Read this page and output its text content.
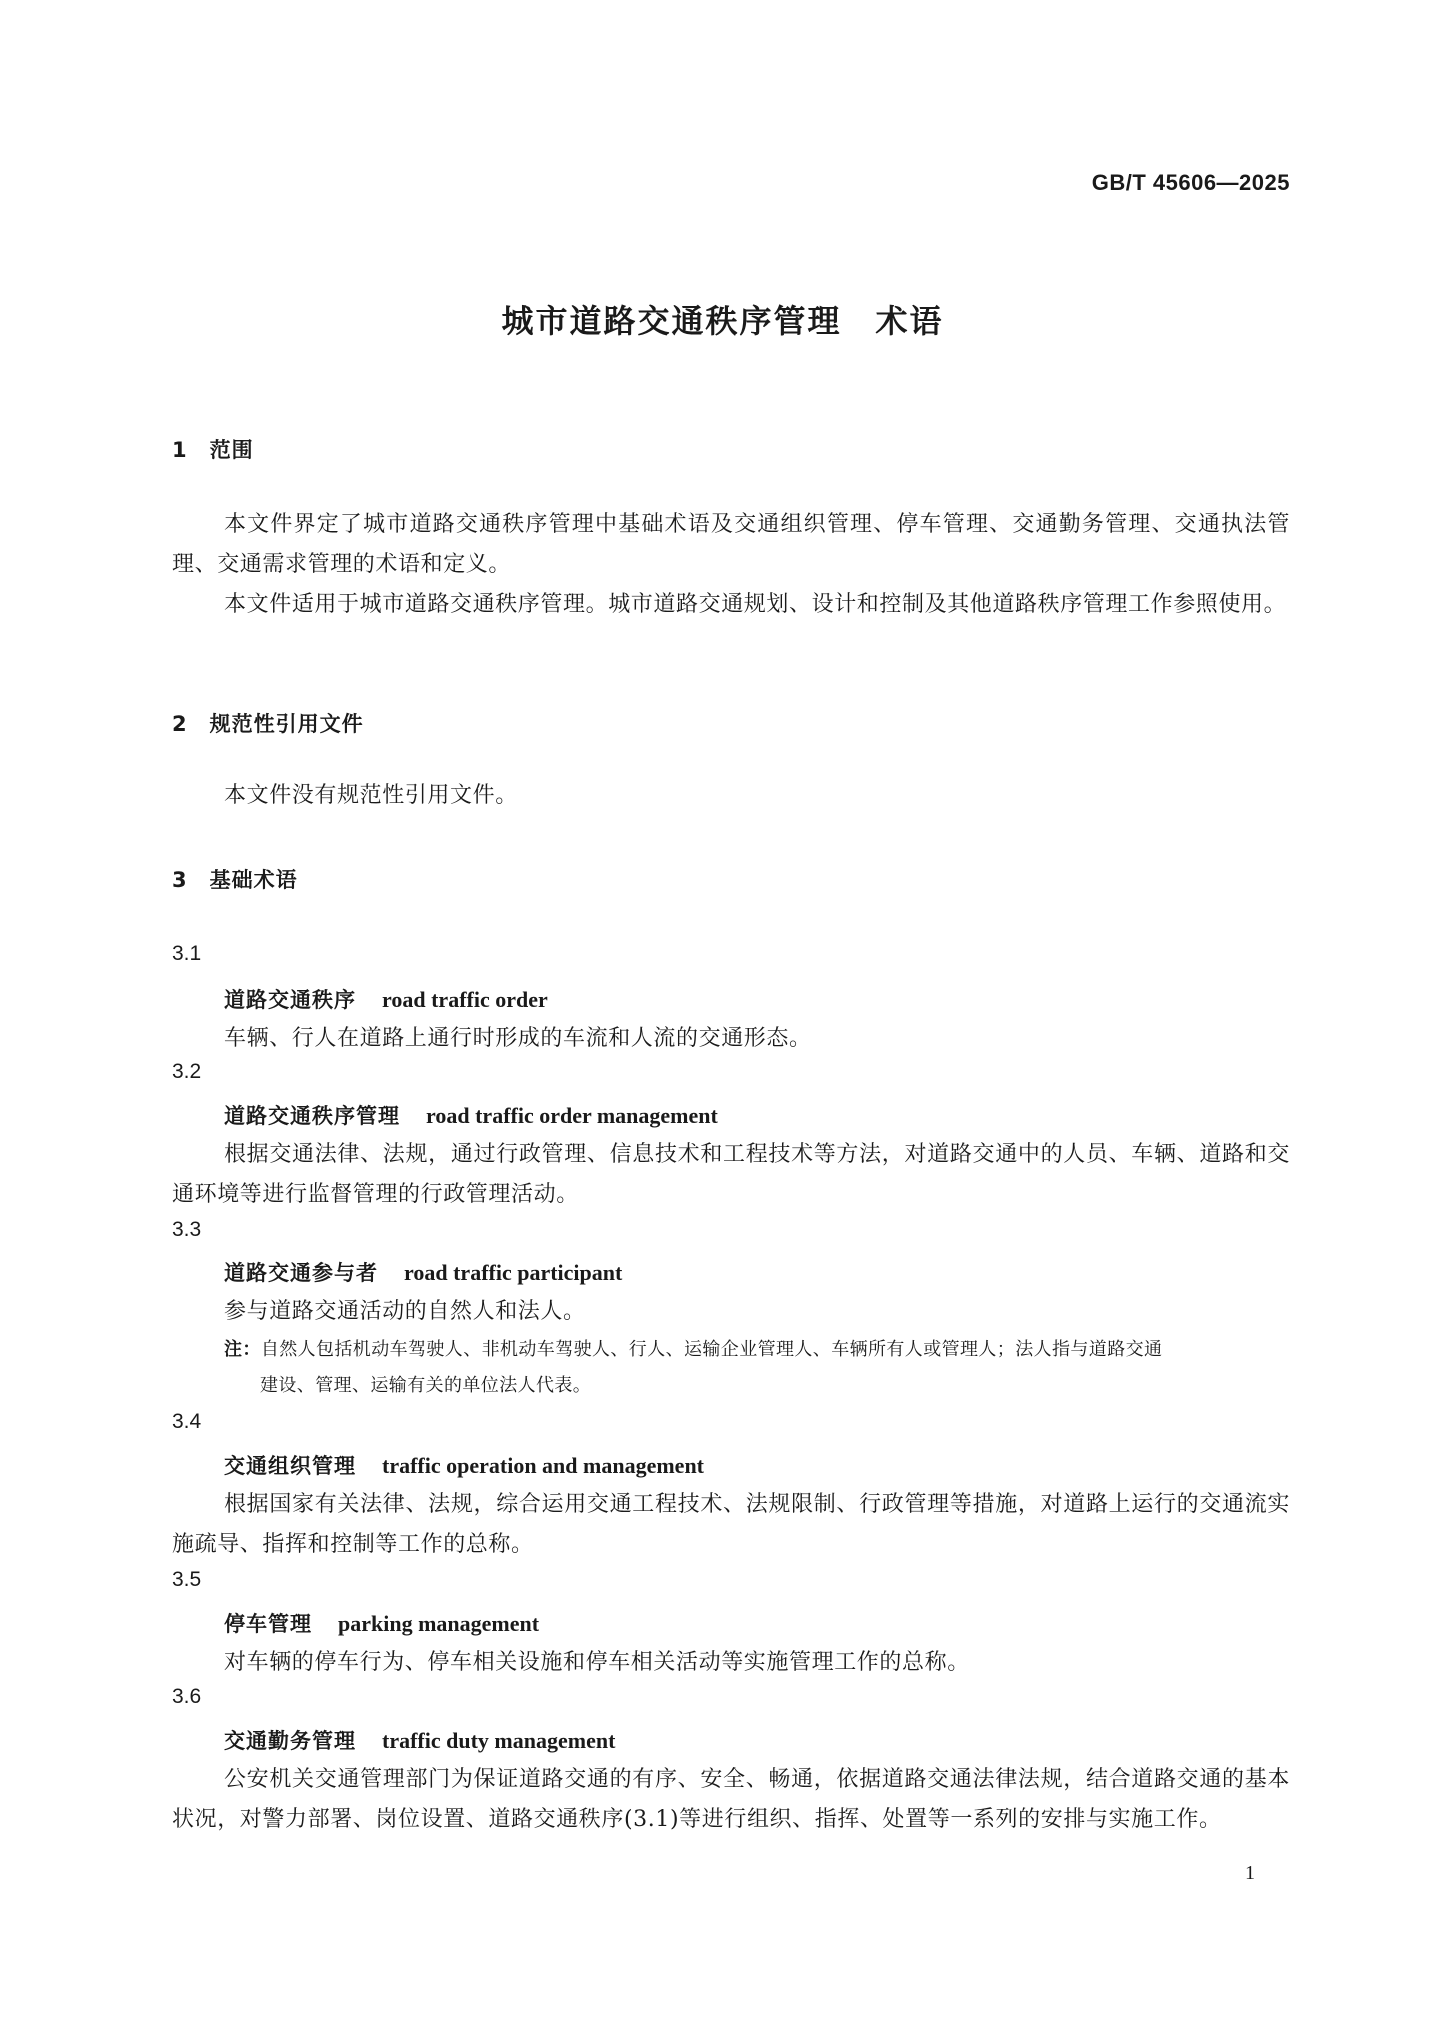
GB/T 45606—2025
城市道路交通秩序管理　术语
1　范围
本文件界定了城市道路交通秩序管理中基础术语及交通组织管理、停车管理、交通勤务管理、交通执法管理、交通需求管理的术语和定义。
本文件适用于城市道路交通秩序管理。城市道路交通规划、设计和控制及其他道路秩序管理工作参照使用。
2　规范性引用文件
本文件没有规范性引用文件。
3　基础术语
3.1
道路交通秩序 road traffic order
车辆、行人在道路上通行时形成的车流和人流的交通形态。
3.2
道路交通秩序管理 road traffic order management
根据交通法律、法规，通过行政管理、信息技术和工程技术等方法，对道路交通中的人员、车辆、道路和交通环境等进行监督管理的行政管理活动。
3.3
道路交通参与者 road traffic participant
参与道路交通活动的自然人和法人。
注：自然人包括机动车驾驶人、非机动车驾驶人、行人、运输企业管理人、车辆所有人或管理人；法人指与道路交通
建设、管理、运输有关的单位法人代表。
3.4
交通组织管理 traffic operation and management
根据国家有关法律、法规，综合运用交通工程技术、法规限制、行政管理等措施，对道路上运行的交通流实施疏导、指挥和控制等工作的总称。
3.5
停车管理 parking management
对车辆的停车行为、停车相关设施和停车相关活动等实施管理工作的总称。
3.6
交通勤务管理 traffic duty management
公安机关交通管理部门为保证道路交通的有序、安全、畅通，依据道路交通法律法规，结合道路交通的基本状况，对警力部署、岗位设置、道路交通秩序(3.1)等进行组织、指挥、处置等一系列的安排与实施工作。
1
